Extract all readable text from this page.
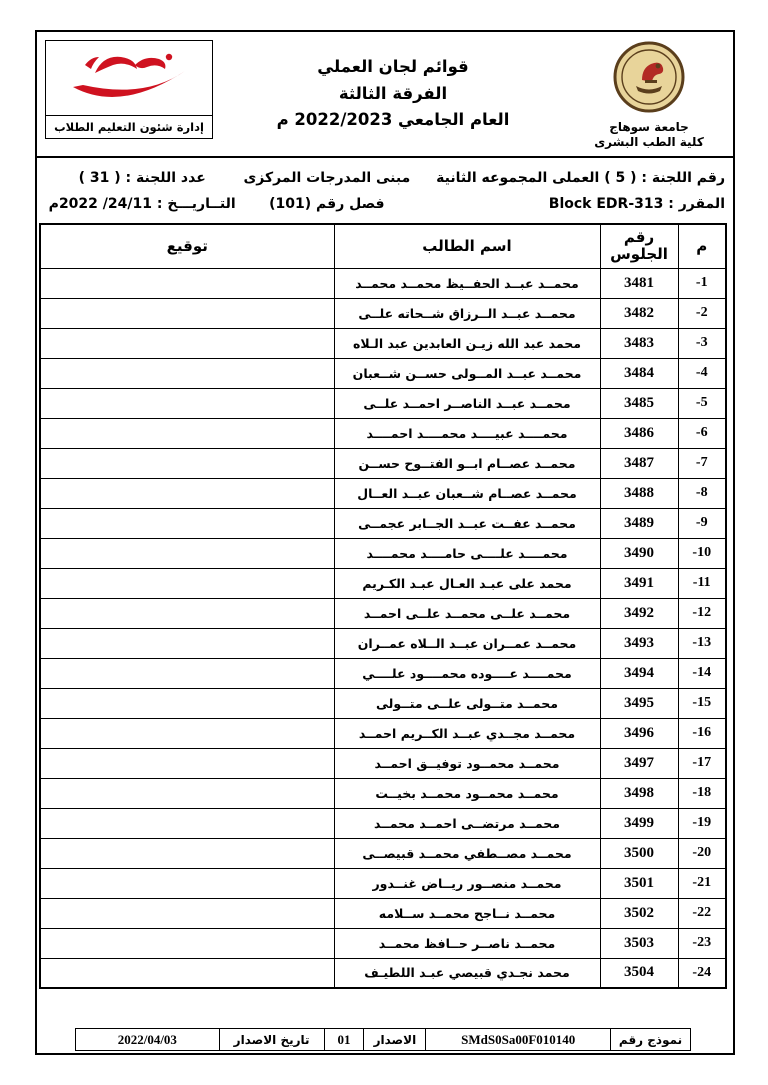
جامعة سوهاج
كلية الطب البشرى
قوائم لجان العملي
الفرقة الثالثة
العام الجامعي 2022/2023 م
إدارة شئون التعليم الطلاب
رقم اللجنة : ( 5 ) العملى المجموعه الثانية
مبنى المدرجات المركزى
عدد اللجنة : ( 31 )
المقرر : Block EDR-313
فصل رقم (101)
التــاريـــخ : 24/11/ 2022م
م	رقم الجلوس	اسم الطالب	توقيع
-1	3481	محمــد عبــد الحفــيظ محمــد محمــد	
-2	3482	محمــد عبــد الــرزاق شــحاته علــى	
-3	3483	محمد عبد الله زيـن العابدين عبد الـلاه	
-4	3484	محمــد عبــد المــولى حســن شــعبان	
-5	3485	محمــد عبــد الناصــر احمــد علــى	
-6	3486	محمــــد عبيــــد محمــــد احمــــد	
-7	3487	محمــد عصــام ابــو الفتــوح حســن	
-8	3488	محمــد عصــام شــعبان عبــد العــال	
-9	3489	محمــد عفــت عبــد الجــابر عجمــى	
-10	3490	محمــــد علــــى حامــــد محمــــد	
-11	3491	محمد على عبـد العـال عبـد الكـريم	
-12	3492	محمــد علــى محمــد علــى احمــد	
-13	3493	محمــد عمــران عبــد الــلاه عمــران	
-14	3494	محمــــد عــــوده محمــــود علــــي	
-15	3495	محمــد متــولى علــى متــولى	
-16	3496	محمــد مجــدي عبــد الكــريم احمــد	
-17	3497	محمــد محمــود توفيــق احمــد	
-18	3498	محمــد محمــود محمــد بخيــت	
-19	3499	محمــد مرتضــى احمــد محمــد	
-20	3500	محمــد مصــطفي محمــد قبيصــى	
-21	3501	محمــد منصــور ريــاض غنــدور	
-22	3502	محمــد نــاجح محمــد ســلامه	
-23	3503	محمــد ناصــر حــافظ محمــد	
-24	3504	محمد نجـدي قبيصي عبـد اللطيـف	
نموذج رقم	SMdS0Sa00F010140	الاصدار	01	تاريخ الاصدار	2022/04/03
